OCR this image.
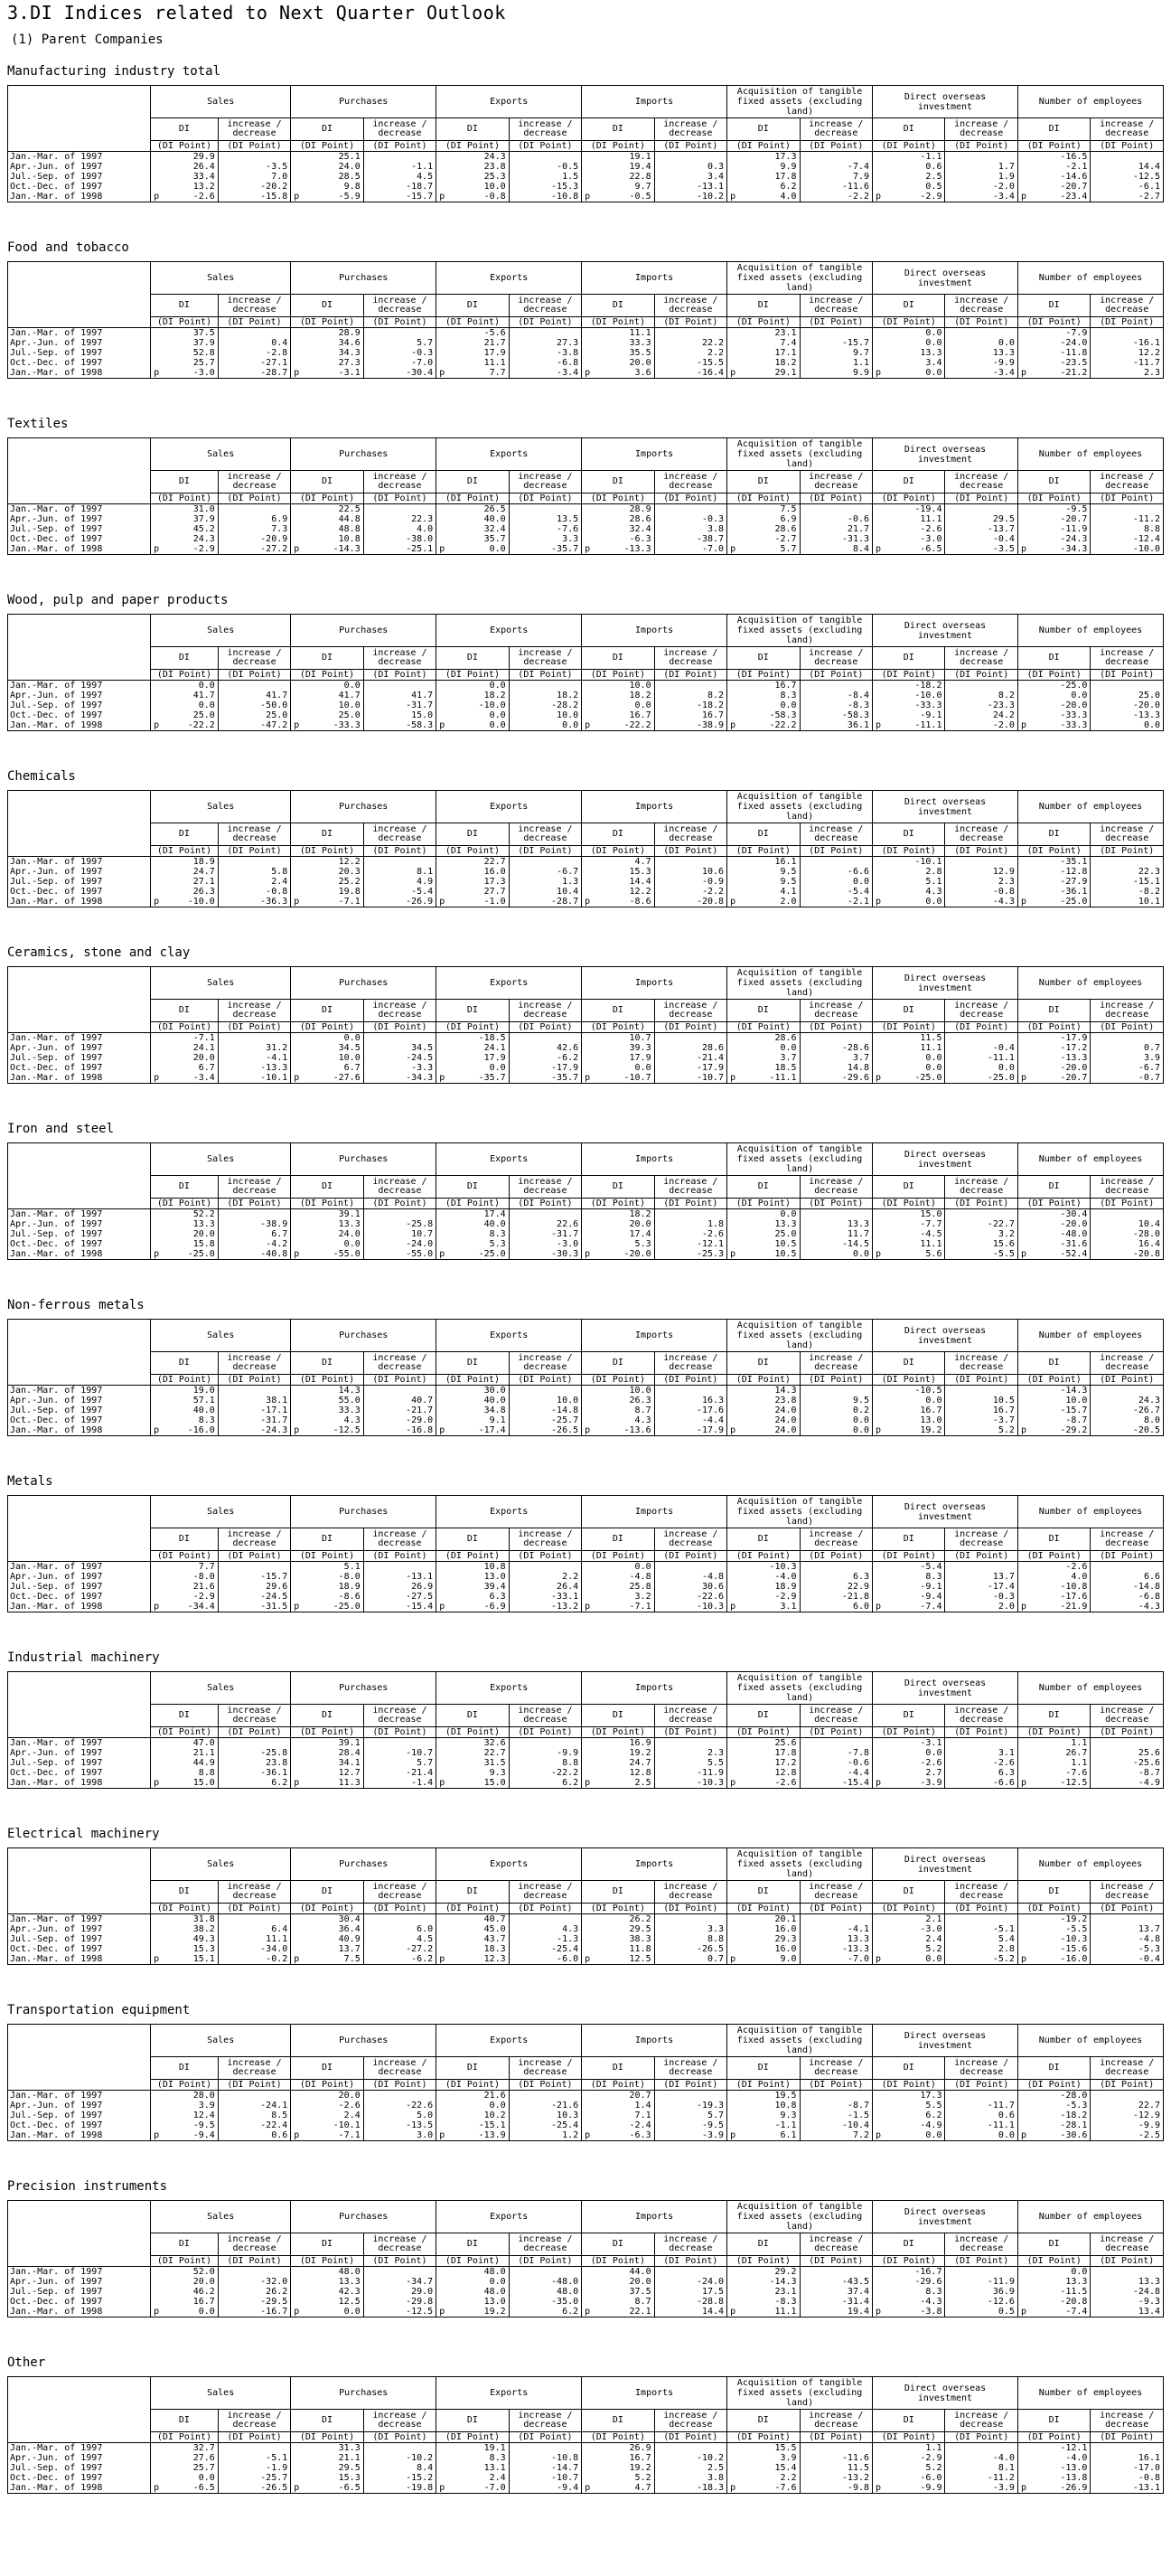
3.DI Indices related to Next Quarter Outlook
(1) Parent Companies
Manufacturing industry total
	Sales		Purchases		Exports		Imports		Acquisition of tangible fixed assets (excluding land)		Direct overseas investment		Number of employees	
	DI	increase / decrease	DI	increase / decrease	DI	increase / decrease	DI	increase / decrease	DI	increase / decrease	DI	increase / decrease	DI	increase / decrease
	(DI Point)	(DI Point)	(DI Point)	(DI Point)	(DI Point)	(DI Point)	(DI Point)	(DI Point)	(DI Point)	(DI Point)	(DI Point)	(DI Point)	(DI Point)	(DI Point)
Jan.-Mar. of 1997	29.9		25.1		24.3		19.1		17.3		-1.1		-16.5	
Apr.-Jun. of 1997	26.4	-3.5	24.0	-1.1	23.8	-0.5	19.4	0.3	9.9	-7.4	0.6	1.7	-2.1	14.4
Jul.-Sep. of 1997	33.4	7.0	28.5	4.5	25.3	1.5	22.8	3.4	17.8	7.9	2.5	1.9	-14.6	-12.5
Oct.-Dec. of 1997	13.2	-20.2	9.8	-18.7	10.0	-15.3	9.7	-13.1	6.2	-11.6	0.5	-2.0	-20.7	-6.1
Jan.-Mar. of 1998	p -2.6	-15.8	p -5.9	-15.7	p -0.8	-10.8	p -0.5	-10.2	p 4.0	-2.2	p -2.9	-3.4	p -23.4	-2.7
Food and tobacco
	Sales		Purchases		Exports		Imports		Acquisition of tangible fixed assets (excluding land)		Direct overseas investment		Number of employees	
	DI	increase / decrease	DI	increase / decrease	DI	increase / decrease	DI	increase / decrease	DI	increase / decrease	DI	increase / decrease	DI	increase / decrease
	(DI Point)	(DI Point)	(DI Point)	(DI Point)	(DI Point)	(DI Point)	(DI Point)	(DI Point)	(DI Point)	(DI Point)	(DI Point)	(DI Point)	(DI Point)	(DI Point)
Jan.-Mar. of 1997	37.5		28.9		-5.6		11.1		23.1		0.0		-7.9	
Apr.-Jun. of 1997	37.9	0.4	34.6	5.7	21.7	27.3	33.3	22.2	7.4	-15.7	0.0	0.0	-24.0	-16.1
Jul.-Sep. of 1997	52.8	-2.8	34.3	-0.3	17.9	-3.8	35.5	2.2	17.1	9.7	13.3	13.3	-11.8	12.2
Oct.-Dec. of 1997	25.7	-27.1	27.3	-7.0	11.1	-6.8	20.0	-15.5	18.2	1.1	3.4	-9.9	-23.5	-11.7
Jan.-Mar. of 1998	p -3.0	-28.7	p -3.1	-30.4	p 7.7	-3.4	p 3.6	-16.4	p 29.1	9.9	p 0.0	-3.4	p -21.2	2.3
Textiles
	Sales		Purchases		Exports		Imports		Acquisition of tangible fixed assets (excluding land)		Direct overseas investment		Number of employees	
	DI	increase / decrease	DI	increase / decrease	DI	increase / decrease	DI	increase / decrease	DI	increase / decrease	DI	increase / decrease	DI	increase / decrease
	(DI Point)	(DI Point)	(DI Point)	(DI Point)	(DI Point)	(DI Point)	(DI Point)	(DI Point)	(DI Point)	(DI Point)	(DI Point)	(DI Point)	(DI Point)	(DI Point)
Jan.-Mar. of 1997	31.0		22.5		26.5		28.9		7.5		-19.4		-9.5	
Apr.-Jun. of 1997	37.9	6.9	44.8	22.3	40.0	13.5	28.6	-0.3	6.9	-0.6	11.1	29.5	-20.7	-11.2
Jul.-Sep. of 1997	45.2	7.3	48.8	4.0	32.4	-7.6	32.4	3.8	28.6	21.7	-2.6	-13.7	-11.9	8.8
Oct.-Dec. of 1997	24.3	-20.9	10.8	-38.0	35.7	3.3	-6.3	-38.7	-2.7	-31.3	-3.0	-0.4	-24.3	-12.4
Jan.-Mar. of 1998	p -2.9	-27.2	p -14.3	-25.1	p 0.0	-35.7	p -13.3	-7.0	p 5.7	8.4	p -6.5	-3.5	p -34.3	-10.0
Wood, pulp and paper products
	Sales		Purchases		Exports		Imports		Acquisition of tangible fixed assets (excluding land)		Direct overseas investment		Number of employees	
	DI	increase / decrease	DI	increase / decrease	DI	increase / decrease	DI	increase / decrease	DI	increase / decrease	DI	increase / decrease	DI	increase / decrease
	(DI Point)	(DI Point)	(DI Point)	(DI Point)	(DI Point)	(DI Point)	(DI Point)	(DI Point)	(DI Point)	(DI Point)	(DI Point)	(DI Point)	(DI Point)	(DI Point)
Jan.-Mar. of 1997	0.0		0.0		0.0		10.0		16.7		-18.2		-25.0	
Apr.-Jun. of 1997	41.7	41.7	41.7	41.7	18.2	18.2	18.2	8.2	8.3	-8.4	-10.0	8.2	0.0	25.0
Jul.-Sep. of 1997	0.0	-50.0	10.0	-31.7	-10.0	-28.2	0.0	-18.2	0.0	-8.3	-33.3	-23.3	-20.0	-20.0
Oct.-Dec. of 1997	25.0	25.0	25.0	15.0	0.0	10.0	16.7	16.7	-58.3	-58.3	-9.1	24.2	-33.3	-13.3
Jan.-Mar. of 1998	p -22.2	-47.2	p -33.3	-58.3	p 0.0	0.0	p -22.2	-38.9	p -22.2	36.1	p -11.1	-2.0	p -33.3	0.0
Chemicals
	Sales		Purchases		Exports		Imports		Acquisition of tangible fixed assets (excluding land)		Direct overseas investment		Number of employees	
	DI	increase / decrease	DI	increase / decrease	DI	increase / decrease	DI	increase / decrease	DI	increase / decrease	DI	increase / decrease	DI	increase / decrease
	(DI Point)	(DI Point)	(DI Point)	(DI Point)	(DI Point)	(DI Point)	(DI Point)	(DI Point)	(DI Point)	(DI Point)	(DI Point)	(DI Point)	(DI Point)	(DI Point)
Jan.-Mar. of 1997	18.9		12.2		22.7		4.7		16.1		-10.1		-35.1	
Apr.-Jun. of 1997	24.7	5.8	20.3	8.1	16.0	-6.7	15.3	10.6	9.5	-6.6	2.8	12.9	-12.8	22.3
Jul.-Sep. of 1997	27.1	2.4	25.2	4.9	17.3	1.3	14.4	-0.9	9.5	0.0	5.1	2.3	-27.9	-15.1
Oct.-Dec. of 1997	26.3	-0.8	19.8	-5.4	27.7	10.4	12.2	-2.2	4.1	-5.4	4.3	-0.8	-36.1	-8.2
Jan.-Mar. of 1998	p -10.0	-36.3	p -7.1	-26.9	p -1.0	-28.7	p -8.6	-20.8	p 2.0	-2.1	p 0.0	-4.3	p -25.0	10.1
Ceramics, stone and clay
	Sales		Purchases		Exports		Imports		Acquisition of tangible fixed assets (excluding land)		Direct overseas investment		Number of employees	
	DI	increase / decrease	DI	increase / decrease	DI	increase / decrease	DI	increase / decrease	DI	increase / decrease	DI	increase / decrease	DI	increase / decrease
	(DI Point)	(DI Point)	(DI Point)	(DI Point)	(DI Point)	(DI Point)	(DI Point)	(DI Point)	(DI Point)	(DI Point)	(DI Point)	(DI Point)	(DI Point)	(DI Point)
Jan.-Mar. of 1997	-7.1		0.0		-18.5		10.7		28.6		11.5		-17.9	
Apr.-Jun. of 1997	24.1	31.2	34.5	34.5	24.1	42.6	39.3	28.6	0.0	-28.6	11.1	-0.4	-17.2	0.7
Jul.-Sep. of 1997	20.0	-4.1	10.0	-24.5	17.9	-6.2	17.9	-21.4	3.7	3.7	0.0	-11.1	-13.3	3.9
Oct.-Dec. of 1997	6.7	-13.3	6.7	-3.3	0.0	-17.9	0.0	-17.9	18.5	14.8	0.0	0.0	-20.0	-6.7
Jan.-Mar. of 1998	p -3.4	-10.1	p -27.6	-34.3	p -35.7	-35.7	p -10.7	-10.7	p -11.1	-29.6	p -25.0	-25.0	p -20.7	-0.7
Iron and steel
	Sales		Purchases		Exports		Imports		Acquisition of tangible fixed assets (excluding land)		Direct overseas investment		Number of employees	
	DI	increase / decrease	DI	increase / decrease	DI	increase / decrease	DI	increase / decrease	DI	increase / decrease	DI	increase / decrease	DI	increase / decrease
	(DI Point)	(DI Point)	(DI Point)	(DI Point)	(DI Point)	(DI Point)	(DI Point)	(DI Point)	(DI Point)	(DI Point)	(DI Point)	(DI Point)	(DI Point)	(DI Point)
Jan.-Mar. of 1997	52.2		39.1		17.4		18.2		0.0		15.0		-30.4	
Apr.-Jun. of 1997	13.3	-38.9	13.3	-25.8	40.0	22.6	20.0	1.8	13.3	13.3	-7.7	-22.7	-20.0	10.4
Jul.-Sep. of 1997	20.0	6.7	24.0	10.7	8.3	-31.7	17.4	-2.6	25.0	11.7	-4.5	3.2	-48.0	-28.0
Oct.-Dec. of 1997	15.8	-4.2	0.0	-24.0	5.3	-3.0	5.3	-12.1	10.5	-14.5	11.1	15.6	-31.6	16.4
Jan.-Mar. of 1998	p -25.0	-40.8	p -55.0	-55.0	p -25.0	-30.3	p -20.0	-25.3	p 10.5	0.0	p 5.6	-5.5	p -52.4	-20.8
Non-ferrous metals
	Sales		Purchases		Exports		Imports		Acquisition of tangible fixed assets (excluding land)		Direct overseas investment		Number of employees	
	DI	increase / decrease	DI	increase / decrease	DI	increase / decrease	DI	increase / decrease	DI	increase / decrease	DI	increase / decrease	DI	increase / decrease
	(DI Point)	(DI Point)	(DI Point)	(DI Point)	(DI Point)	(DI Point)	(DI Point)	(DI Point)	(DI Point)	(DI Point)	(DI Point)	(DI Point)	(DI Point)	(DI Point)
Jan.-Mar. of 1997	19.0		14.3		30.0		10.0		14.3		-10.5		-14.3	
Apr.-Jun. of 1997	57.1	38.1	55.0	40.7	40.0	10.0	26.3	16.3	23.8	9.5	0.0	10.5	10.0	24.3
Jul.-Sep. of 1997	40.0	-17.1	33.3	-21.7	34.8	-14.8	8.7	-17.6	24.0	0.2	16.7	16.7	-15.7	-26.7
Oct.-Dec. of 1997	8.3	-31.7	4.3	-29.0	9.1	-25.7	4.3	-4.4	24.0	0.0	13.0	-3.7	-8.7	8.0
Jan.-Mar. of 1998	p -16.0	-24.3	p -12.5	-16.8	p -17.4	-26.5	p -13.6	-17.9	p 24.0	0.0	p 19.2	5.2	p -29.2	-20.5
Metals
	Sales		Purchases		Exports		Imports		Acquisition of tangible fixed assets (excluding land)		Direct overseas investment		Number of employees	
	DI	increase / decrease	DI	increase / decrease	DI	increase / decrease	DI	increase / decrease	DI	increase / decrease	DI	increase / decrease	DI	increase / decrease
	(DI Point)	(DI Point)	(DI Point)	(DI Point)	(DI Point)	(DI Point)	(DI Point)	(DI Point)	(DI Point)	(DI Point)	(DI Point)	(DI Point)	(DI Point)	(DI Point)
Jan.-Mar. of 1997	7.7		5.1		10.8		0.0		-10.3		-5.4		-2.6	
Apr.-Jun. of 1997	-8.0	-15.7	-8.0	-13.1	13.0	2.2	-4.8	-4.8	-4.0	6.3	8.3	13.7	4.0	6.6
Jul.-Sep. of 1997	21.6	29.6	18.9	26.9	39.4	26.4	25.8	30.6	18.9	22.9	-9.1	-17.4	-10.8	-14.8
Oct.-Dec. of 1997	-2.9	-24.5	-8.6	-27.5	6.3	-33.1	3.2	-22.6	-2.9	-21.8	-9.4	-0.3	-17.6	-6.8
Jan.-Mar. of 1998	p -34.4	-31.5	p -25.0	-15.4	p -6.9	-13.2	p -7.1	-10.3	p 3.1	6.0	p -7.4	2.0	p -21.9	-4.3
Industrial machinery
	Sales		Purchases		Exports		Imports		Acquisition of tangible fixed assets (excluding land)		Direct overseas investment		Number of employees	
	DI	increase / decrease	DI	increase / decrease	DI	increase / decrease	DI	increase / decrease	DI	increase / decrease	DI	increase / decrease	DI	increase / decrease
	(DI Point)	(DI Point)	(DI Point)	(DI Point)	(DI Point)	(DI Point)	(DI Point)	(DI Point)	(DI Point)	(DI Point)	(DI Point)	(DI Point)	(DI Point)	(DI Point)
Jan.-Mar. of 1997	47.0		39.1		32.6		16.9		25.6		-3.1		1.1	
Apr.-Jun. of 1997	21.1	-25.8	28.4	-10.7	22.7	-9.9	19.2	2.3	17.8	-7.8	0.0	3.1	26.7	25.6
Jul.-Sep. of 1997	44.9	23.8	34.1	5.7	31.5	8.8	24.7	5.5	17.2	-0.6	-2.6	-2.6	1.1	-25.6
Oct.-Dec. of 1997	8.8	-36.1	12.7	-21.4	9.3	-22.2	12.8	-11.9	12.8	-4.4	2.7	6.3	-7.6	-8.7
Jan.-Mar. of 1998	p 15.0	6.2	p 11.3	-1.4	p 15.0	6.2	p 2.5	-10.3	p -2.6	-15.4	p -3.9	-6.6	p -12.5	-4.9
Electrical machinery
	Sales		Purchases		Exports		Imports		Acquisition of tangible fixed assets (excluding land)		Direct overseas investment		Number of employees	
	DI	increase / decrease	DI	increase / decrease	DI	increase / decrease	DI	increase / decrease	DI	increase / decrease	DI	increase / decrease	DI	increase / decrease
	(DI Point)	(DI Point)	(DI Point)	(DI Point)	(DI Point)	(DI Point)	(DI Point)	(DI Point)	(DI Point)	(DI Point)	(DI Point)	(DI Point)	(DI Point)	(DI Point)
Jan.-Mar. of 1997	31.8		30.4		40.7		26.2		20.1		2.1		-19.2	
Apr.-Jun. of 1997	38.2	6.4	36.4	6.0	45.0	4.3	29.5	3.3	16.0	-4.1	-3.0	-5.1	-5.5	13.7
Jul.-Sep. of 1997	49.3	11.1	40.9	4.5	43.7	-1.3	38.3	8.8	29.3	13.3	2.4	5.4	-10.3	-4.8
Oct.-Dec. of 1997	15.3	-34.0	13.7	-27.2	18.3	-25.4	11.8	-26.5	16.0	-13.3	5.2	2.8	-15.6	-5.3
Jan.-Mar. of 1998	p 15.1	-0.2	p 7.5	-6.2	p 12.3	-6.0	p 12.5	0.7	p 9.0	-7.0	p 0.0	-5.2	p -16.0	-0.4
Transportation equipment
	Sales		Purchases		Exports		Imports		Acquisition of tangible fixed assets (excluding land)		Direct overseas investment		Number of employees	
	DI	increase / decrease	DI	increase / decrease	DI	increase / decrease	DI	increase / decrease	DI	increase / decrease	DI	increase / decrease	DI	increase / decrease
	(DI Point)	(DI Point)	(DI Point)	(DI Point)	(DI Point)	(DI Point)	(DI Point)	(DI Point)	(DI Point)	(DI Point)	(DI Point)	(DI Point)	(DI Point)	(DI Point)
Jan.-Mar. of 1997	28.0		20.0		21.6		20.7		19.5		17.3		-28.0	
Apr.-Jun. of 1997	3.9	-24.1	-2.6	-22.6	0.0	-21.6	1.4	-19.3	10.8	-8.7	5.5	-11.7	-5.3	22.7
Jul.-Sep. of 1997	12.4	8.5	2.4	5.0	10.2	10.3	7.1	5.7	9.3	-1.5	6.2	0.6	-18.2	-12.9
Oct.-Dec. of 1997	-9.5	-22.4	-10.1	-13.5	-15.1	-25.4	-2.4	-9.5	-1.1	-10.4	-4.9	-11.1	-28.1	-9.9
Jan.-Mar. of 1998	p -9.4	0.6	p -7.1	3.0	p -13.9	1.2	p -6.3	-3.9	p 6.1	7.2	p 0.0	0.0	p -30.6	-2.5
Precision instruments
	Sales		Purchases		Exports		Imports		Acquisition of tangible fixed assets (excluding land)		Direct overseas investment		Number of employees	
	DI	increase / decrease	DI	increase / decrease	DI	increase / decrease	DI	increase / decrease	DI	increase / decrease	DI	increase / decrease	DI	increase / decrease
	(DI Point)	(DI Point)	(DI Point)	(DI Point)	(DI Point)	(DI Point)	(DI Point)	(DI Point)	(DI Point)	(DI Point)	(DI Point)	(DI Point)	(DI Point)	(DI Point)
Jan.-Mar. of 1997	52.0		48.0		48.0		44.0		29.2		-16.7		0.0	
Apr.-Jun. of 1997	20.0	-32.0	13.3	-34.7	0.0	-48.0	20.0	-24.0	-14.3	-43.5	-29.6	-11.9	13.3	13.3
Jul.-Sep. of 1997	46.2	26.2	42.3	29.0	48.0	48.0	37.5	17.5	23.1	37.4	8.3	36.9	-11.5	-24.8
Oct.-Dec. of 1997	16.7	-29.5	12.5	-29.8	13.0	-35.0	8.7	-28.8	-8.3	-31.4	-4.3	-12.6	-20.8	-9.3
Jan.-Mar. of 1998	p 0.0	-16.7	p 0.0	-12.5	p 19.2	6.2	p 22.1	14.4	p 11.1	19.4	p -3.8	0.5	p -7.4	13.4
Other
	Sales		Purchases		Exports		Imports		Acquisition of tangible fixed assets (excluding land)		Direct overseas investment		Number of employees	
	DI	increase / decrease	DI	increase / decrease	DI	increase / decrease	DI	increase / decrease	DI	increase / decrease	DI	increase / decrease	DI	increase / decrease
	(DI Point)	(DI Point)	(DI Point)	(DI Point)	(DI Point)	(DI Point)	(DI Point)	(DI Point)	(DI Point)	(DI Point)	(DI Point)	(DI Point)	(DI Point)	(DI Point)
Jan.-Mar. of 1997	32.7		31.3		19.1		26.9		15.5		1.1		-12.1	
Apr.-Jun. of 1997	27.6	-5.1	21.1	-10.2	8.3	-10.8	16.7	-10.2	3.9	-11.6	-2.9	-4.0	-4.0	16.1
Jul.-Sep. of 1997	25.7	-1.9	29.5	8.4	13.1	-14.7	19.2	2.5	15.4	11.5	5.2	8.1	-13.0	-17.0
Oct.-Dec. of 1997	0.0	-25.7	15.3	-15.2	2.4	-10.7	5.2	3.8	2.2	-13.2	-6.0	-11.2	-13.8	-0.8
Jan.-Mar. of 1998	p -6.5	-26.5	p -6.5	-19.8	p -7.0	-9.4	p 4.7	-18.3	p -7.6	-9.8	p -9.9	-3.9	p -26.9	-13.1
